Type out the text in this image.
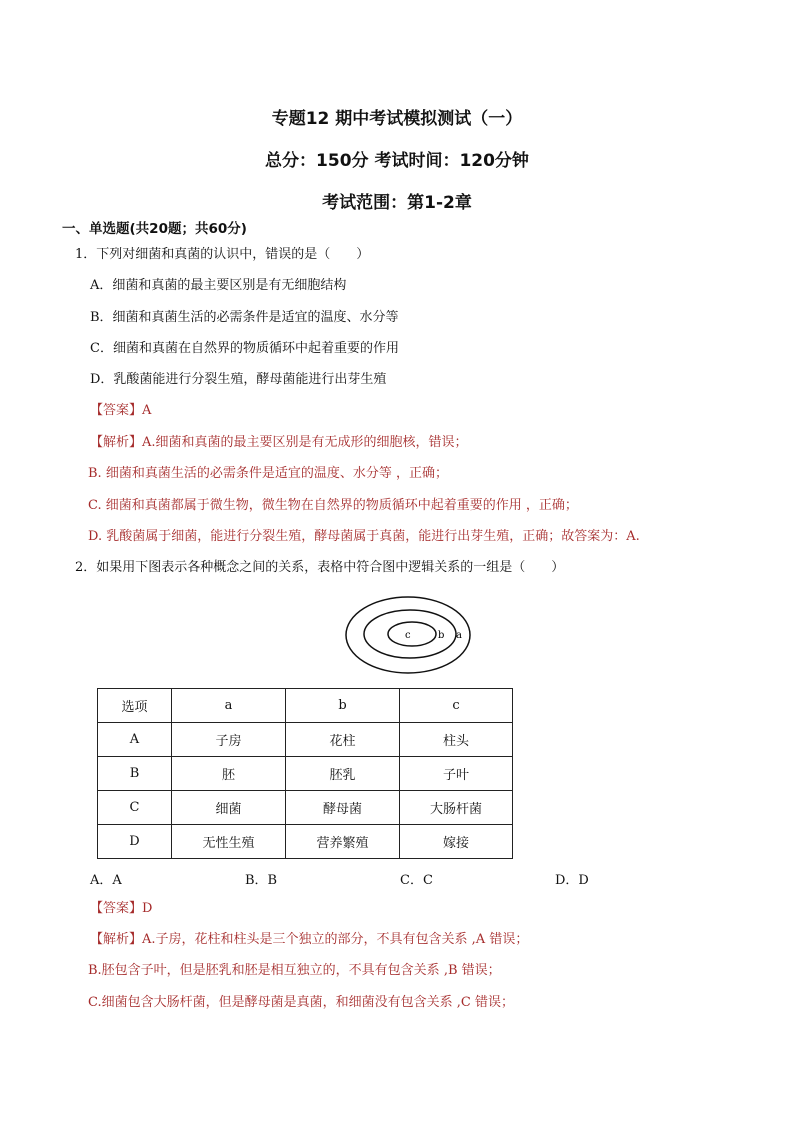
专题12 期中考试模拟测试（一）
总分：150分 考试时间：120分钟
考试范围：第1-2章
一、单选题(共20题；共60分)
1．下列对细菌和真菌的认识中，错误的是（　　）
A．细菌和真菌的最主要区别是有无细胞结构
B．细菌和真菌生活的必需条件是适宜的温度、水分等
C．细菌和真菌在自然界的物质循环中起着重要的作用
D．乳酸菌能进行分裂生殖，酵母菌能进行出芽生殖
【答案】A
【解析】A.细菌和真菌的最主要区别是有无成形的细胞核，错误；
B. 细菌和真菌生活的必需条件是适宜的温度、水分等 ，正确；
C. 细菌和真菌都属于微生物，微生物在自然界的物质循环中起着重要的作用 ，正确；
D. 乳酸菌属于细菌，能进行分裂生殖，酵母菌属于真菌，能进行出芽生殖，正确；故答案为：A.
2．如果用下图表示各种概念之间的关系，表格中符合图中逻辑关系的一组是（　　）
a
b
c
选项	a	b	c
A	子房	花柱	柱头
B	胚	胚乳	子叶
C	细菌	酵母菌	大肠杆菌
D	无性生殖	营养繁殖	嫁接
A．A	B．B	C．C	D．D
【答案】D
【解析】A.子房，花柱和柱头是三个独立的部分，不具有包含关系 ,A 错误；
B.胚包含子叶，但是胚乳和胚是相互独立的，不具有包含关系 ,B 错误；
C.细菌包含大肠杆菌，但是酵母菌是真菌，和细菌没有包含关系 ,C 错误；
